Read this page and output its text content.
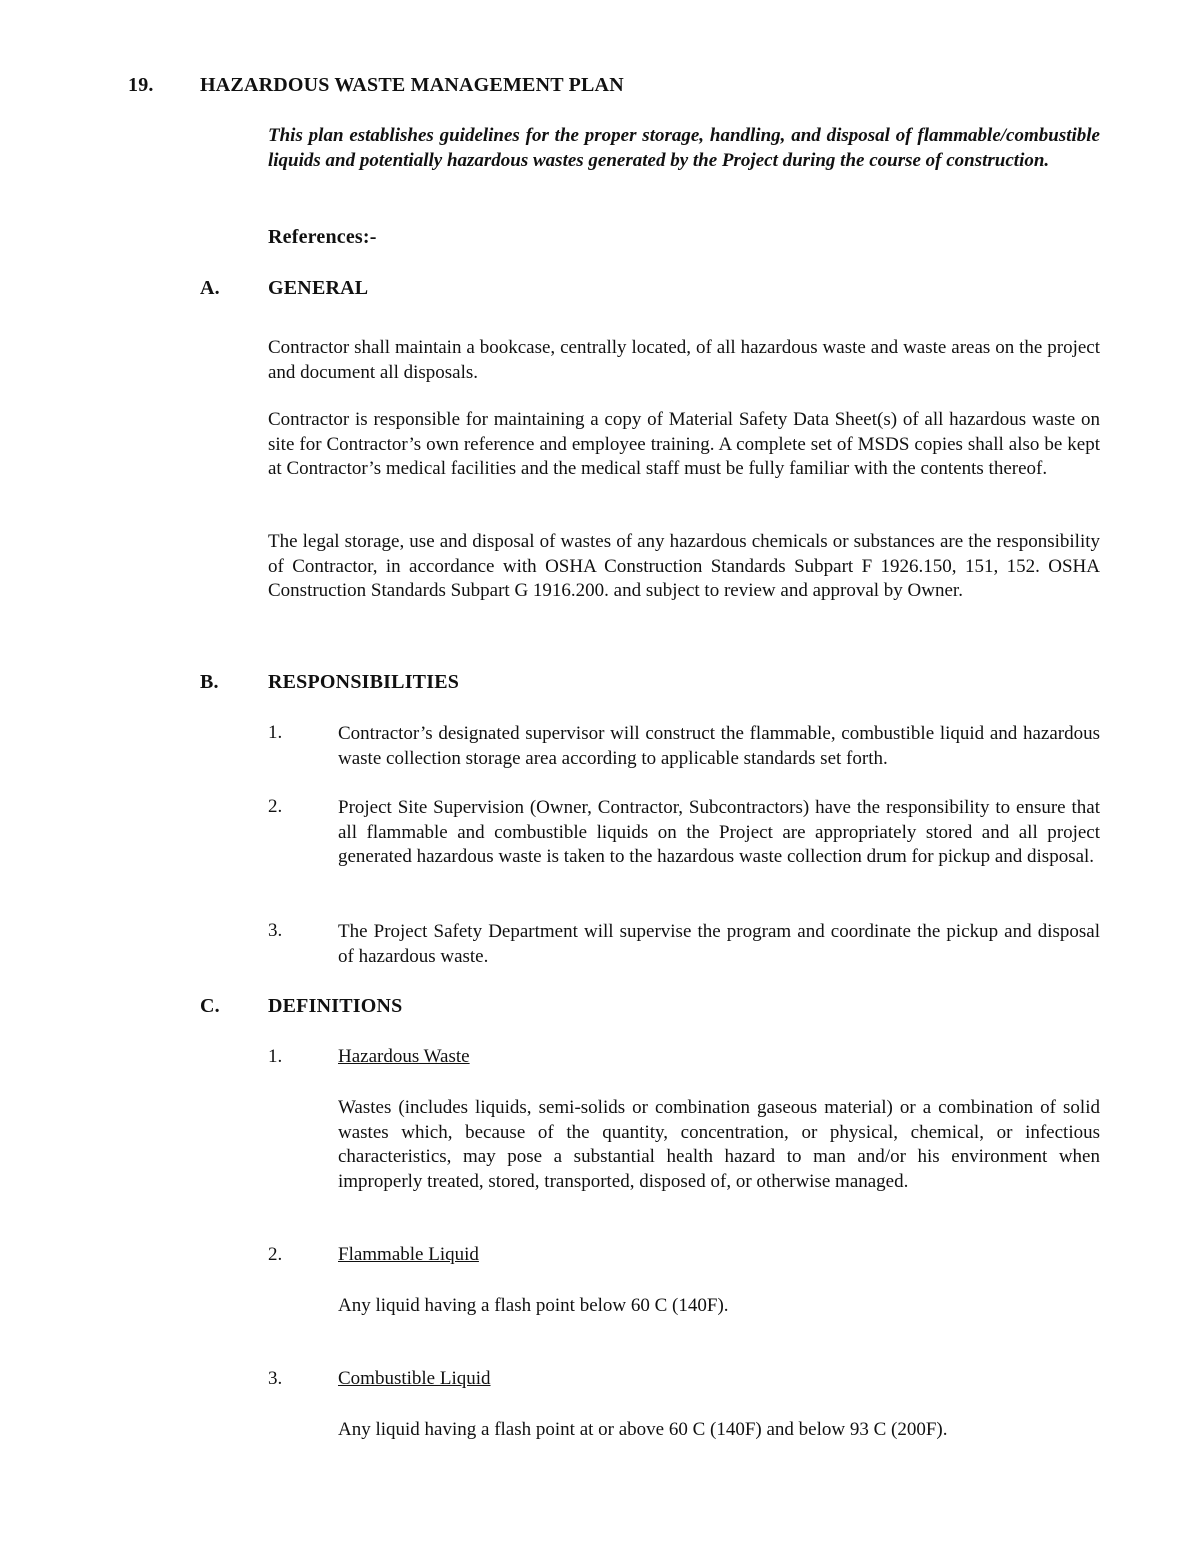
19. HAZARDOUS WASTE MANAGEMENT PLAN
This plan establishes guidelines for the proper storage, handling, and disposal of flammable/combustible liquids and potentially hazardous wastes generated by the Project during the course of construction.
References:-
A. GENERAL
Contractor shall maintain a bookcase, centrally located, of all hazardous waste and waste areas on the project and document all disposals.
Contractor is responsible for maintaining a copy of Material Safety Data Sheet(s) of all hazardous waste on site for Contractor’s own reference and employee training. A complete set of MSDS copies shall also be kept at Contractor’s medical facilities and the medical staff must be fully familiar with the contents thereof.
The legal storage, use and disposal of wastes of any hazardous chemicals or substances are the responsibility of Contractor, in accordance with OSHA Construction Standards Subpart F 1926.150, 151, 152. OSHA Construction Standards Subpart G 1916.200. and subject to review and approval by Owner.
B. RESPONSIBILITIES
1.	Contractor’s designated supervisor will construct the flammable, combustible liquid and hazardous waste collection storage area according to applicable standards set forth.
2.	Project Site Supervision (Owner, Contractor, Subcontractors) have the responsibility to ensure that all flammable and combustible liquids on the Project are appropriately stored and all project generated hazardous waste is taken to the hazardous waste collection drum for pickup and disposal.
3.	The Project Safety Department will supervise the program and coordinate the pickup and disposal of hazardous waste.
C. DEFINITIONS
1.	Hazardous Waste
Wastes (includes liquids, semi-solids or combination gaseous material) or a combination of solid wastes which, because of the quantity, concentration, or physical, chemical, or infectious characteristics, may pose a substantial health hazard to man and/or his environment when improperly treated, stored, transported, disposed of, or otherwise managed.
2.	Flammable Liquid
Any liquid having a flash point below 60 C (140F).
3.	Combustible Liquid
Any liquid having a flash point at or above 60 C (140F) and below 93 C (200F).
